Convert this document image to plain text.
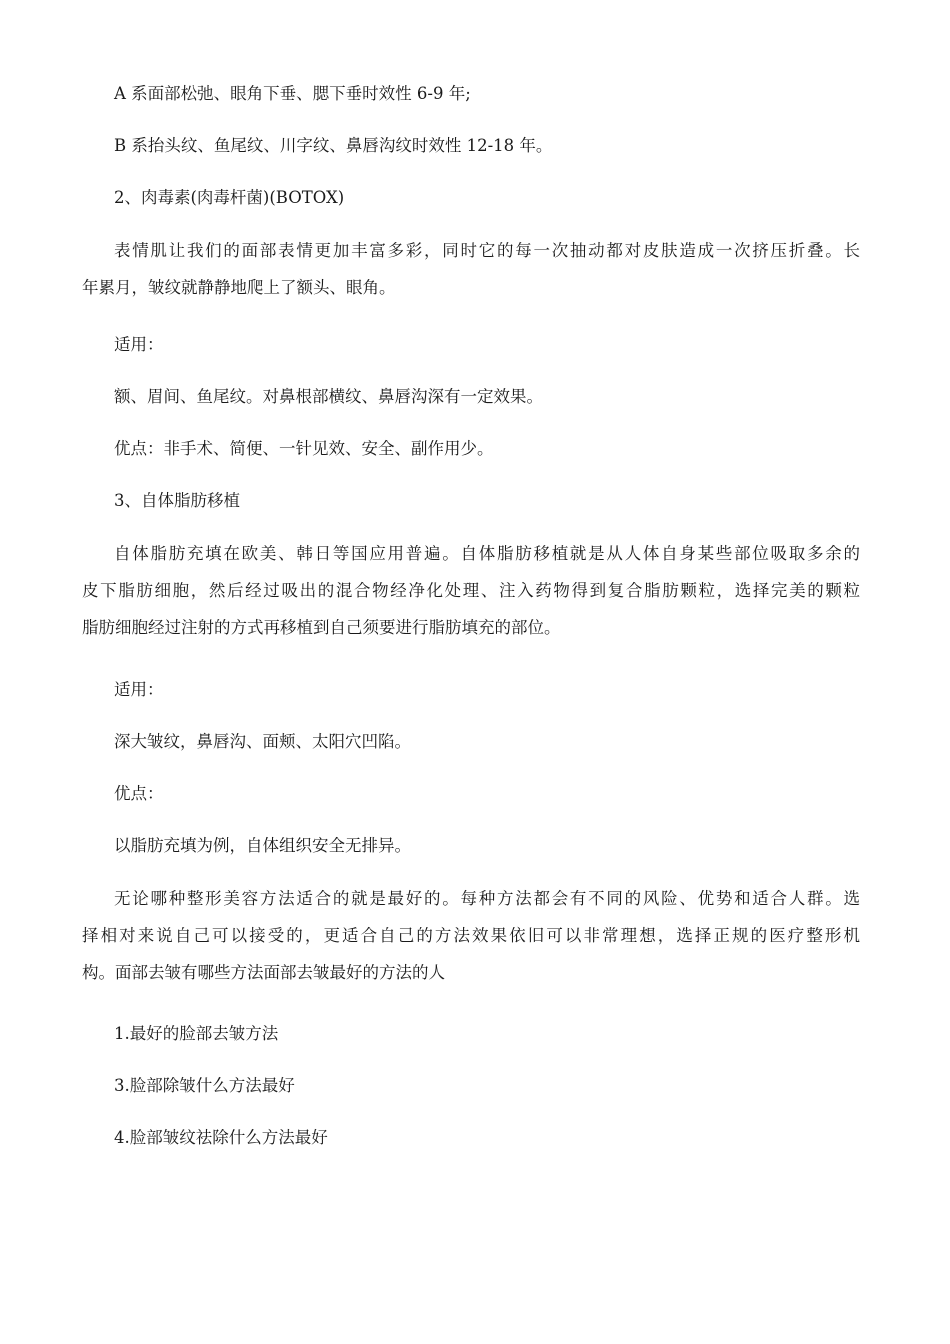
A 系面部松弛、眼角下垂、腮下垂时效性 6-9 年;

B 系抬头纹、鱼尾纹、川字纹、鼻唇沟纹时效性 12-18 年。

2、肉毒素(肉毒杆菌)(BOTOX)

表情肌让我们的面部表情更加丰富多彩，同时它的每一次抽动都对皮肤造成一次挤压折叠。长
年累月，皱纹就静静地爬上了额头、眼角。

适用：

额、眉间、鱼尾纹。对鼻根部横纹、鼻唇沟深有一定效果。

优点：非手术、简便、一针见效、安全、副作用少。

3、自体脂肪移植

自体脂肪充填在欧美、韩日等国应用普遍。自体脂肪移植就是从人体自身某些部位吸取多余的
皮下脂肪细胞，然后经过吸出的混合物经净化处理、注入药物得到复合脂肪颗粒，选择完美的颗粒
脂肪细胞经过注射的方式再移植到自己须要进行脂肪填充的部位。

适用：

深大皱纹，鼻唇沟、面颊、太阳穴凹陷。

优点：

以脂肪充填为例，自体组织安全无排异。

无论哪种整形美容方法适合的就是最好的。每种方法都会有不同的风险、优势和适合人群。选
择相对来说自己可以接受的，更适合自己的方法效果依旧可以非常理想，选择正规的医疗整形机
构。面部去皱有哪些方法面部去皱最好的方法的人

1.最好的脸部去皱方法

3.脸部除皱什么方法最好

4.脸部皱纹祛除什么方法最好
